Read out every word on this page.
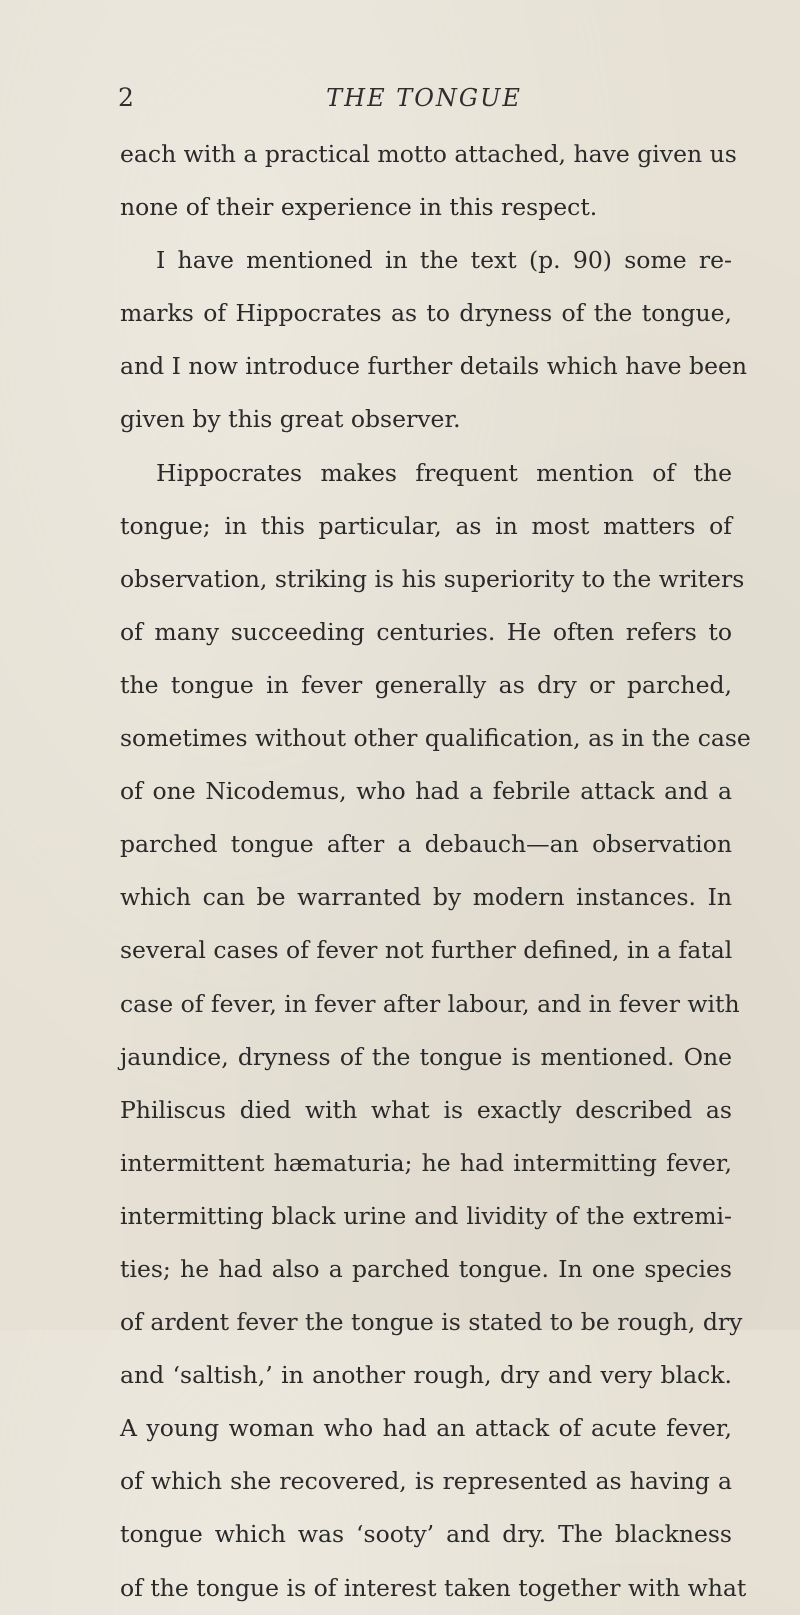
2	THE TONGUE
each with a practical motto attached, have given us
none of their experience in this respect.
I have mentioned in the text (p. 90) some re-
marks of Hippocrates as to dryness of the tongue,
and I now introduce further details which have been
given by this great observer.
Hippocrates makes frequent mention of the
tongue; in this particular, as in most matters of
observation, striking is his superiority to the writers
of many succeeding centuries. He often refers to
the tongue in fever generally as dry or parched,
sometimes without other qualification, as in the case
of one Nicodemus, who had a febrile attack and a
parched tongue after a debauch—an observation
which can be warranted by modern instances. In
several cases of fever not further defined, in a fatal
case of fever, in fever after labour, and in fever with
jaundice, dryness of the tongue is mentioned. One
Philiscus died with what is exactly described as
intermittent hæmaturia; he had intermitting fever,
intermitting black urine and lividity of the extremi-
ties; he had also a parched tongue. In one species
of ardent fever the tongue is stated to be rough, dry
and ‘saltish,’ in another rough, dry and very black.
A young woman who had an attack of acute fever,
of which she recovered, is represented as having a
tongue which was ‘sooty’ and dry. The blackness
of the tongue is of interest taken together with what
